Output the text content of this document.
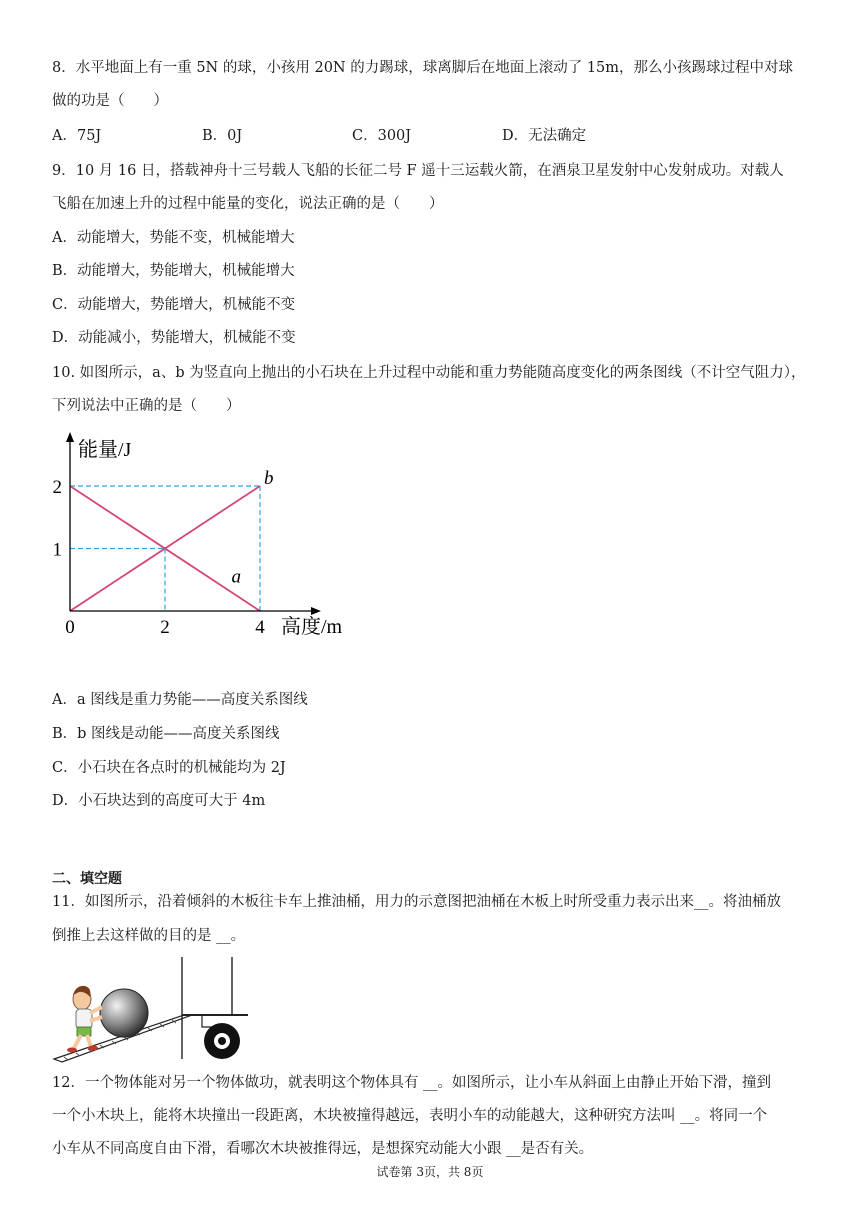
8．水平地面上有一重 5N 的球，小孩用 20N 的力踢球，球离脚后在地面上滚动了 15m，那么小孩踢球过程中对球
做的功是（　　）
A．75J	B．0J	C．300J	D．无法确定
9．10 月 16 日，搭载神舟十三号载人飞船的长征二号 F 遥十三运载火箭，在酒泉卫星发射中心发射成功。对载人
飞船在加速上升的过程中能量的变化，说法正确的是（　　）
A．动能增大，势能不变，机械能增大
B．动能增大，势能增大，机械能增大
C．动能增大，势能增大，机械能不变
D．动能减小，势能增大，机械能不变
10. 如图所示，a、b 为竖直向上抛出的小石块在上升过程中动能和重力势能随高度变化的两条图线（不计空气阻力），
下列说法中正确的是（　　）
能量/J
高度/m
0	2	4
1
2
a
b
A．a 图线是重力势能——高度关系图线
B．b 图线是动能——高度关系图线
C．小石块在各点时的机械能均为 2J
D．小石块达到的高度可大于 4m
二、填空题
11．如图所示，沿着倾斜的木板往卡车上推油桶，用力的示意图把油桶在木板上时所受重力表示出来__。将油桶放
倒推上去这样做的目的是 __。
12．一个物体能对另一个物体做功，就表明这个物体具有 __。如图所示，让小车从斜面上由静止开始下滑，撞到
一个小木块上，能将木块撞出一段距离，木块被撞得越远，表明小车的动能越大，这种研究方法叫 __。将同一个
小车从不同高度自由下滑，看哪次木块被推得远，是想探究动能大小跟 __是否有关。
试卷第 3页，共 8页
